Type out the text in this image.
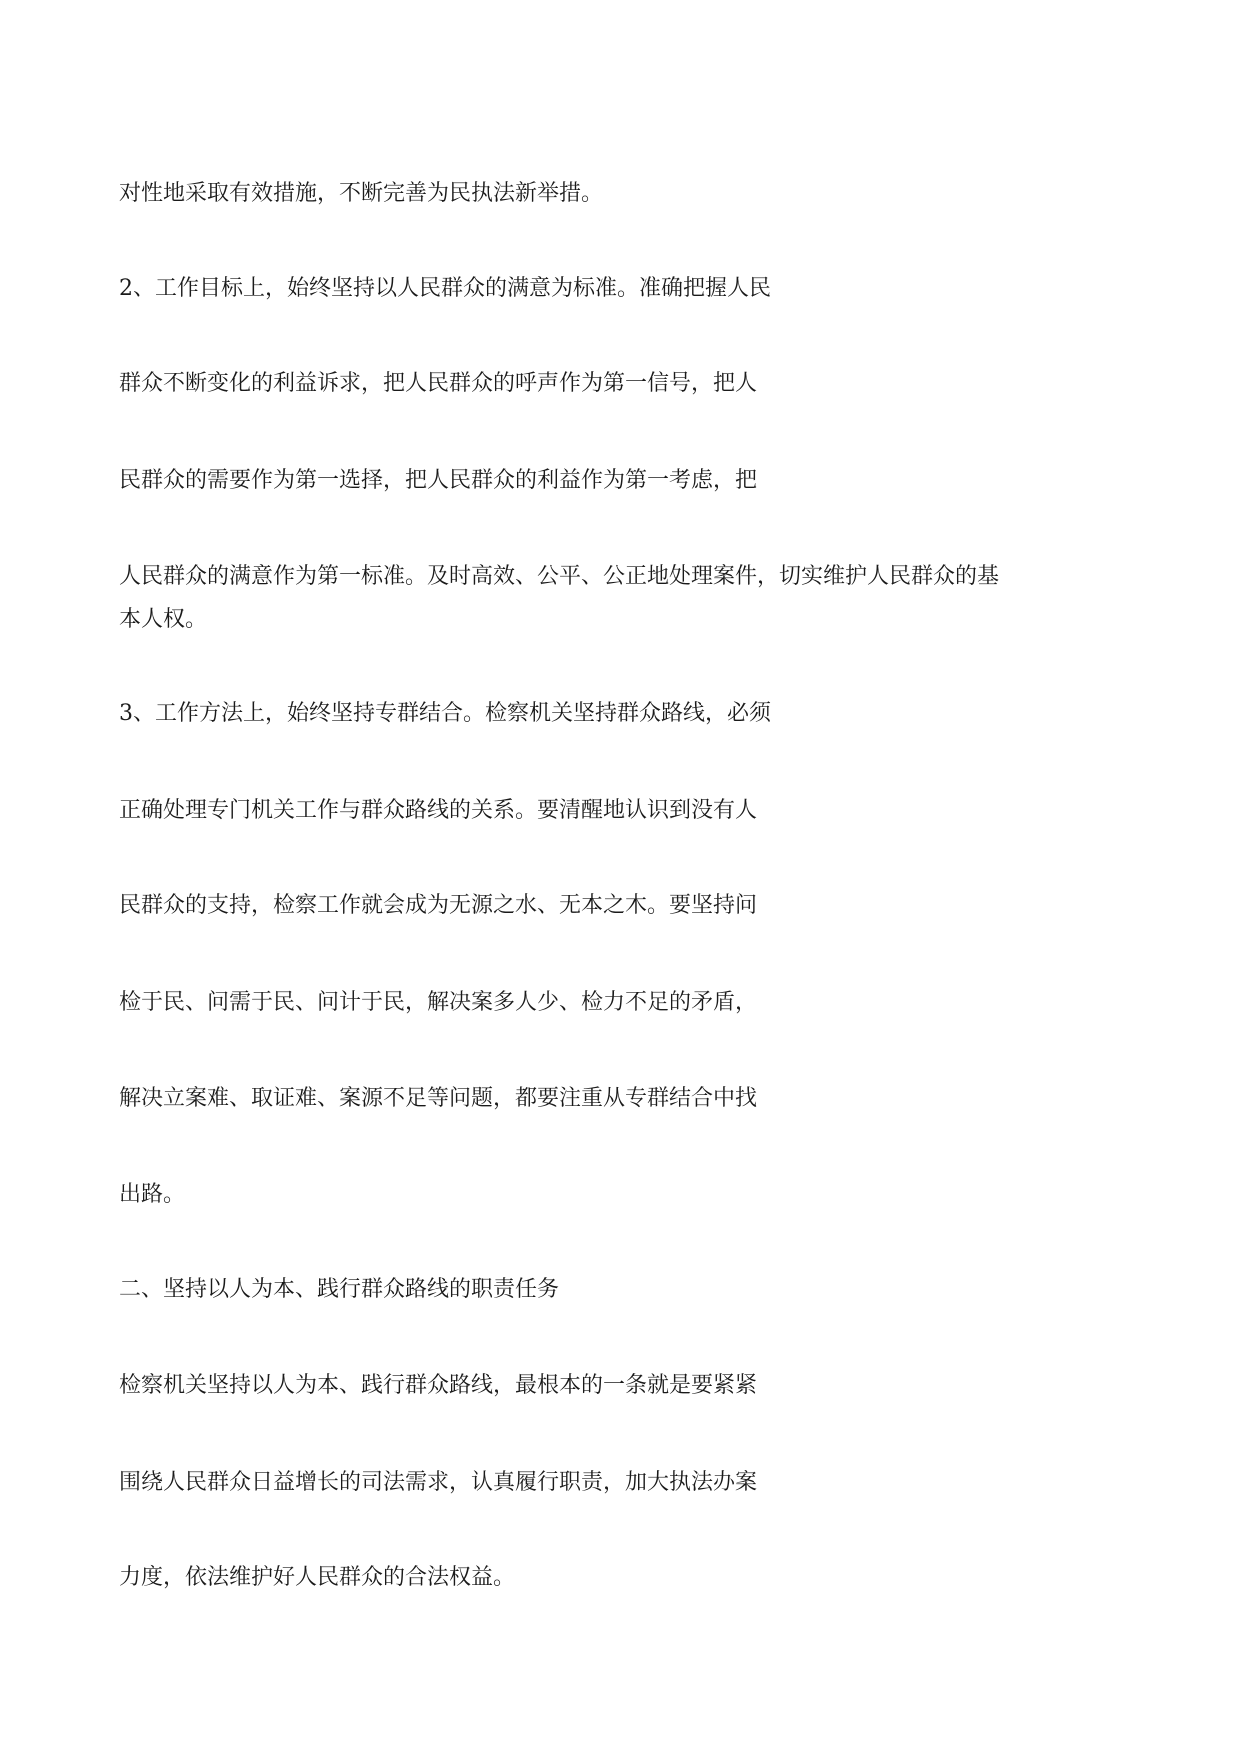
对性地采取有效措施，不断完善为民执法新举措。

2、工作目标上，始终坚持以人民群众的满意为标准。准确把握人民

群众不断变化的利益诉求，把人民群众的呼声作为第一信号，把人

民群众的需要作为第一选择，把人民群众的利益作为第一考虑，把

人民群众的满意作为第一标准。及时高效、公平、公正地处理案件，切实维护人民群众的基

本人权。

3、工作方法上，始终坚持专群结合。检察机关坚持群众路线，必须

正确处理专门机关工作与群众路线的关系。要清醒地认识到没有人

民群众的支持，检察工作就会成为无源之水、无本之木。要坚持问

检于民、问需于民、问计于民，解决案多人少、检力不足的矛盾，

解决立案难、取证难、案源不足等问题，都要注重从专群结合中找

出路。

二、坚持以人为本、践行群众路线的职责任务

检察机关坚持以人为本、践行群众路线，最根本的一条就是要紧紧

围绕人民群众日益增长的司法需求，认真履行职责，加大执法办案

力度，依法维护好人民群众的合法权益。
